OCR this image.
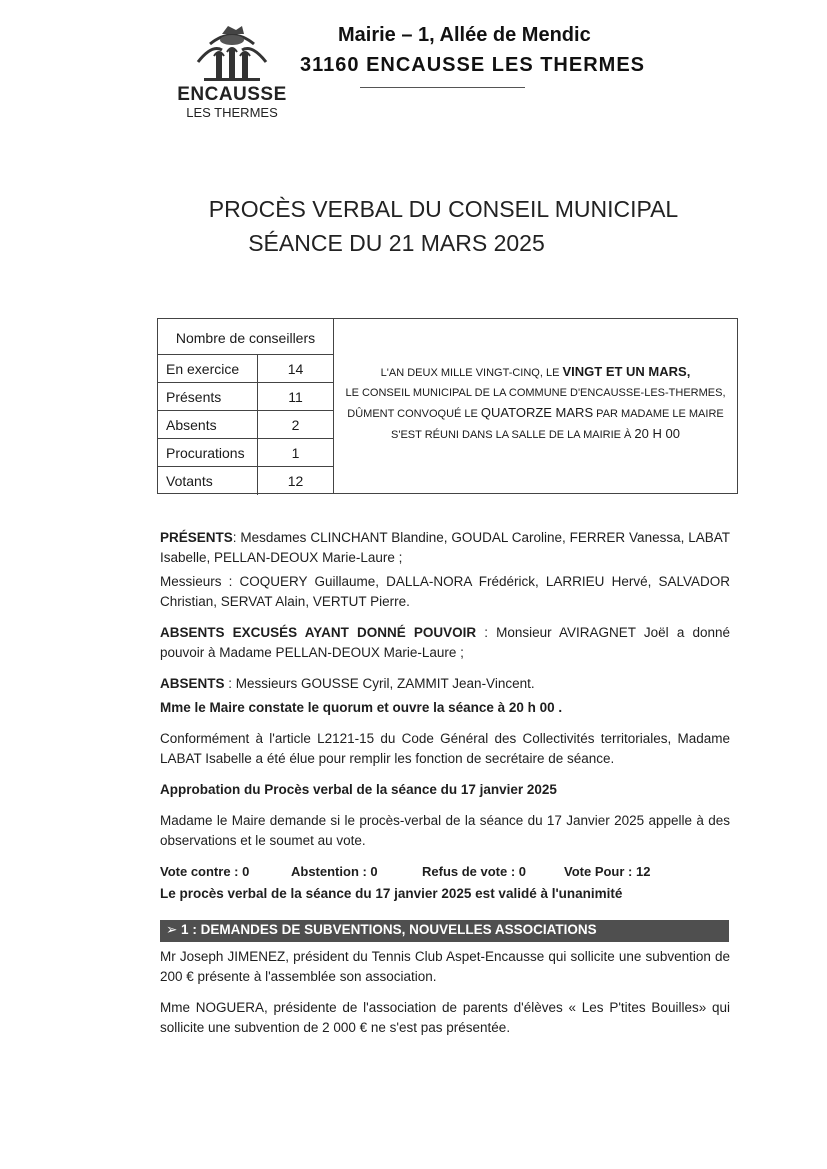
ENCAUSSE
LES THERMES
Mairie – 1, Allée de Mendic
31160 ENCAUSSE LES THERMES
PROCÈS VERBAL DU CONSEIL MUNICIPAL
SÉANCE DU 21 MARS 2025
Nombre de conseillers
En exercice	14
Présents	11
Absents	2
Procurations	1
Votants	12
L'AN DEUX MILLE VINGT-CINQ, LE VINGT ET UN MARS,
LE CONSEIL MUNICIPAL DE LA COMMUNE D'ENCAUSSE-LES-THERMES,
DÛMENT CONVOQUÉ LE QUATORZE MARS PAR MADAME LE MAIRE
S'EST RÉUNI DANS LA SALLE DE LA MAIRIE À 20 H 00

PRÉSENTS: Mesdames CLINCHANT Blandine, GOUDAL Caroline, FERRER Vanessa, LABAT Isabelle, PELLAN-DEOUX Marie-Laure ;

Messieurs : COQUERY Guillaume, DALLA-NORA Frédérick, LARRIEU Hervé, SALVADOR Christian, SERVAT Alain, VERTUT Pierre.

ABSENTS EXCUSÉS AYANT DONNÉ POUVOIR : Monsieur AVIRAGNET Joël a donné pouvoir à Madame PELLAN-DEOUX Marie-Laure ;

ABSENTS : Messieurs GOUSSE Cyril, ZAMMIT Jean-Vincent.

Mme le Maire constate le quorum et ouvre la séance à 20 h 00 .

Conformément à l'article L2121-15 du Code Général des Collectivités territoriales, Madame LABAT Isabelle a été élue pour remplir les fonction de secrétaire de séance.

Approbation du Procès verbal de la séance du 17 janvier 2025

Madame le Maire demande si le procès-verbal de la séance du 17 Janvier 2025 appelle à des observations et le soumet au vote.

Vote contre : 0	Abstention : 0	Refus de vote : 0	Vote Pour : 12

Le procès verbal de la séance du 17 janvier 2025 est validé à l'unanimité

➢ 1 : DEMANDES DE SUBVENTIONS, NOUVELLES ASSOCIATIONS

Mr Joseph JIMENEZ, président du Tennis Club Aspet-Encausse qui sollicite une subvention de 200 € présente à l'assemblée son association.

Mme NOGUERA, présidente de l'association de parents d'élèves « Les P'tites Bouilles» qui sollicite une subvention de 2 000 € ne s'est pas présentée.
